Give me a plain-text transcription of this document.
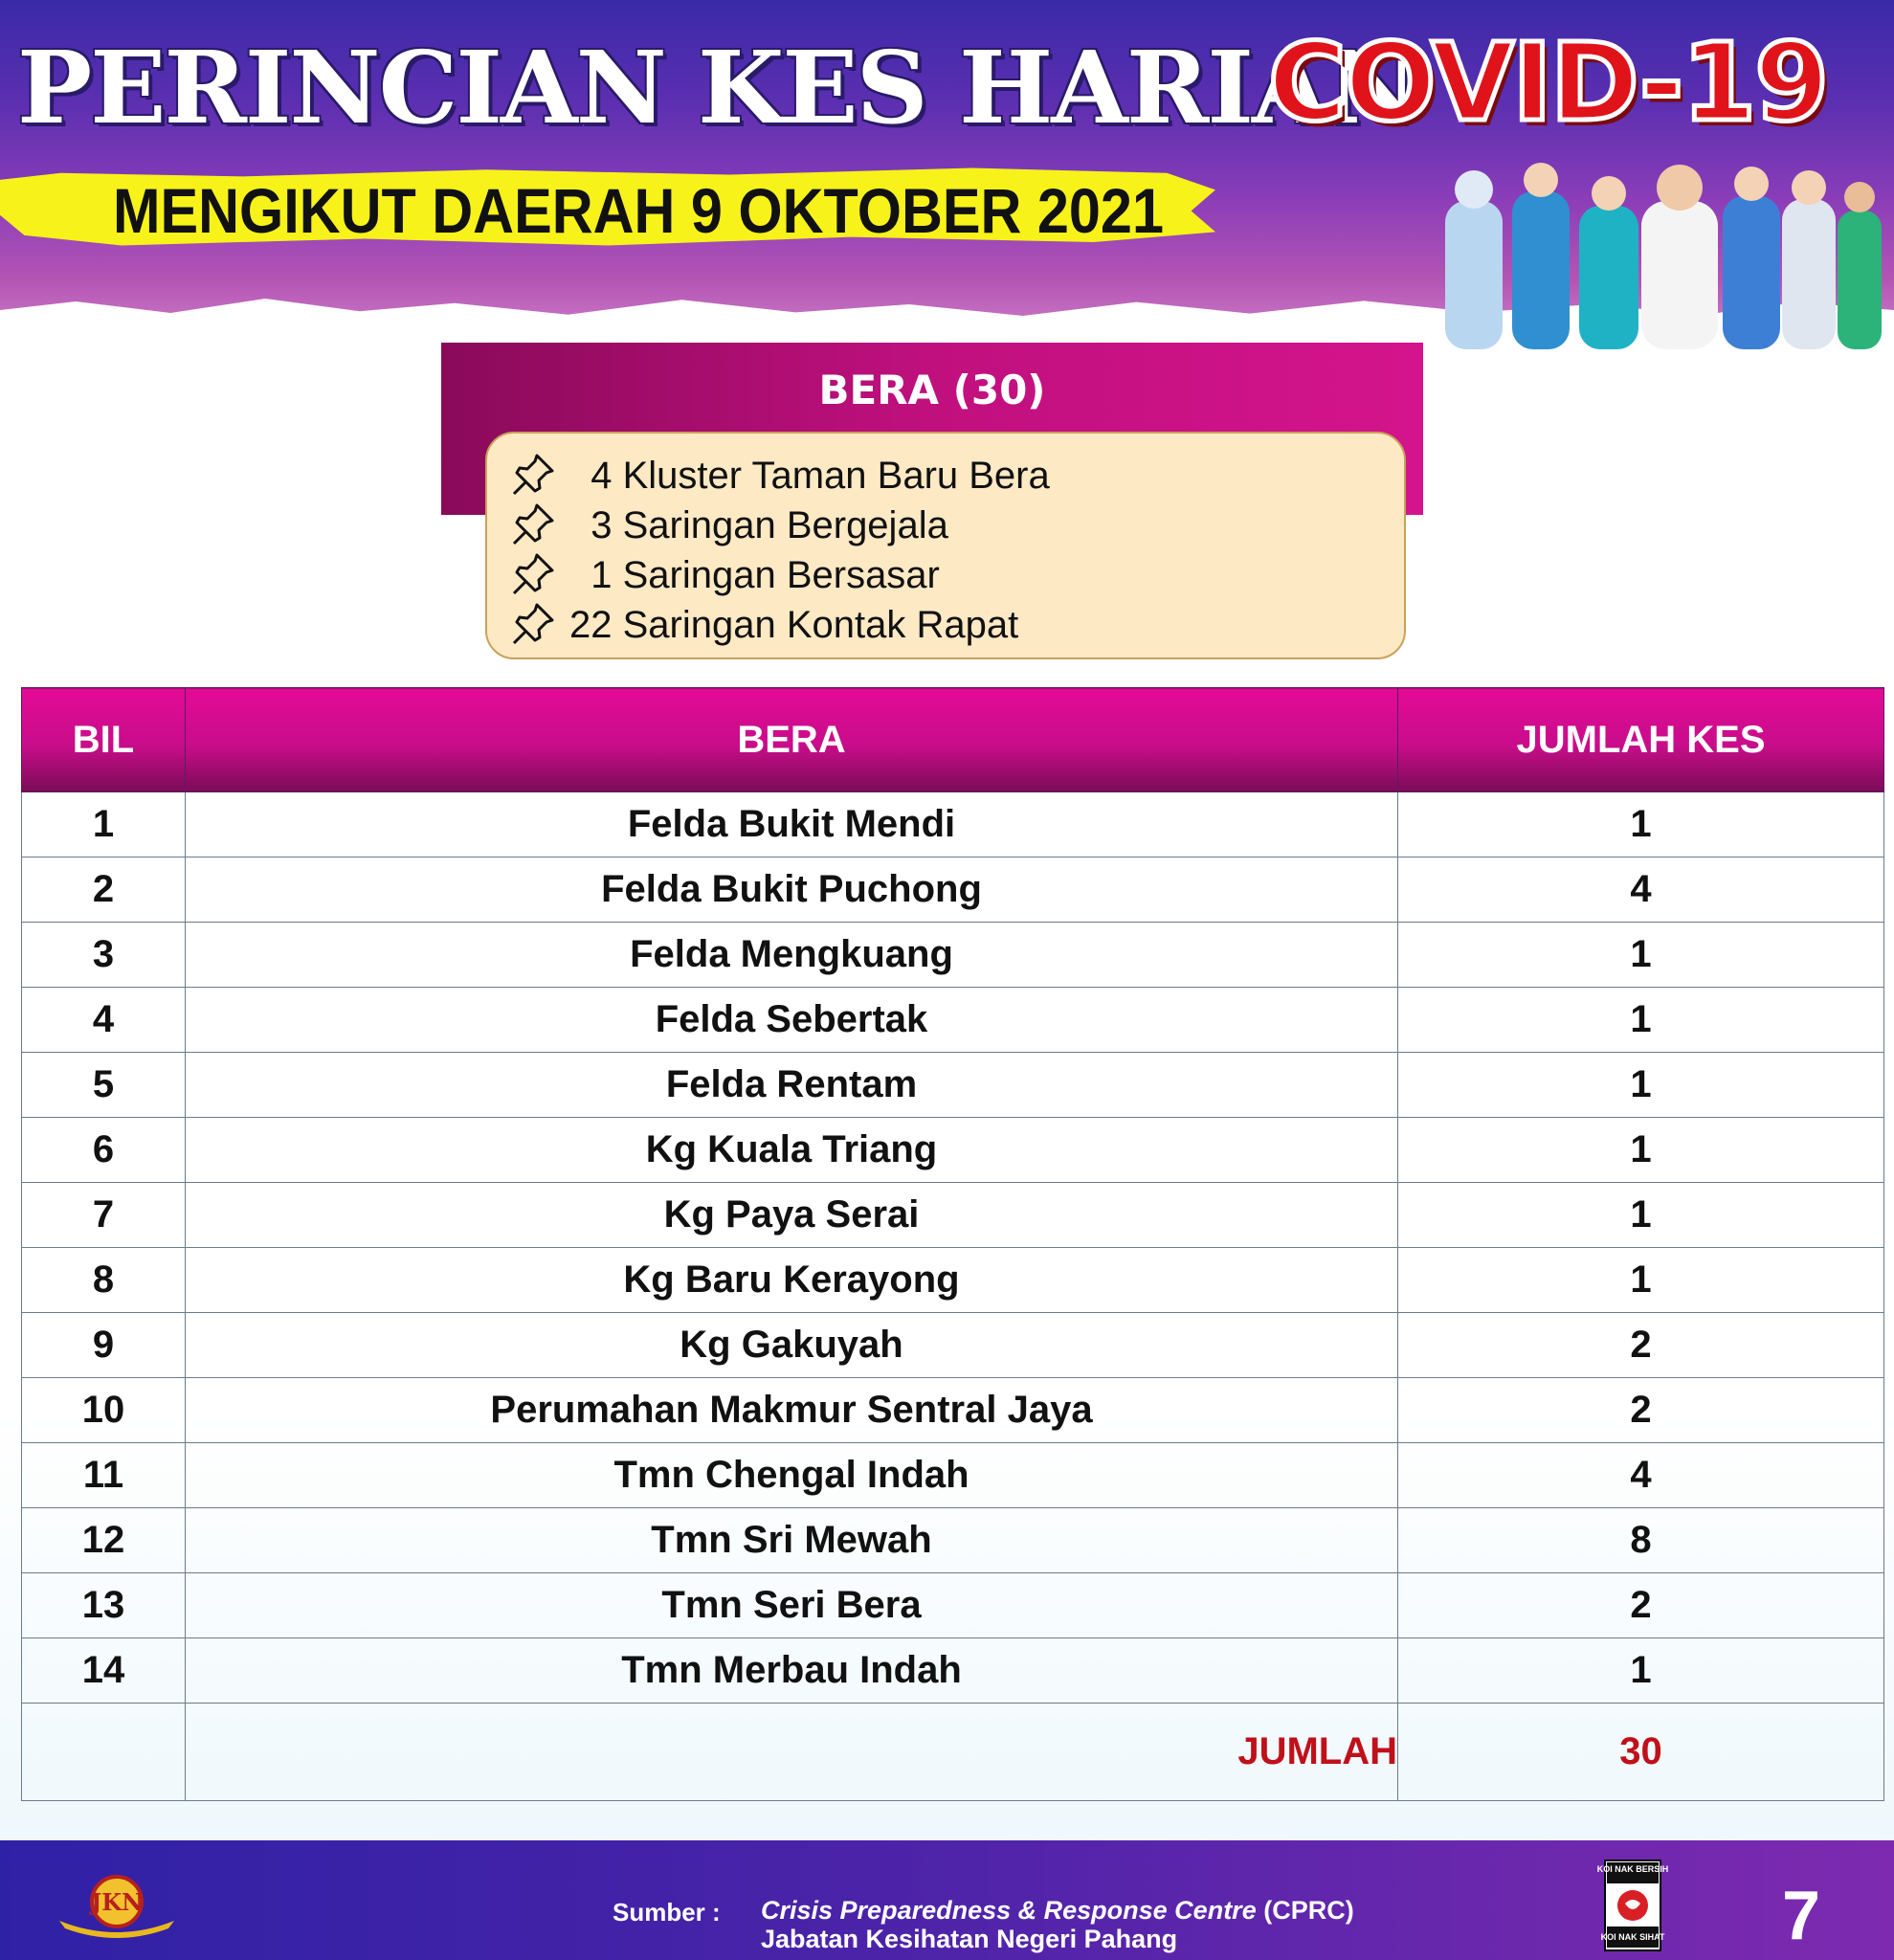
PERINCIAN KES HARIAN
COVID-19
MENGIKUT DAERAH 9 OKTOBER 2021
BERA (30)
4 Kluster Taman Baru Bera
3 Saringan Bergejala
1 Saringan Bersasar
22 Saringan Kontak Rapat
BIL	BERA	JUMLAH KES
1	Felda Bukit Mendi	1
2	Felda Bukit Puchong	4
3	Felda Mengkuang	1
4	Felda Sebertak	1
5	Felda Rentam	1
6	Kg Kuala Triang	1
7	Kg Paya Serai	1
8	Kg Baru Kerayong	1
9	Kg Gakuyah	2
10	Perumahan Makmur Sentral Jaya	2
11	Tmn Chengal Indah	4
12	Tmn Sri Mewah	8
13	Tmn Seri Bera	2
14	Tmn Merbau Indah	1
	JUMLAH	30
JKN	Sumber : Crisis Preparedness & Response Centre (CPRC)
Jabatan Kesihatan Negeri Pahang
KOI NAK BERSIH
KOI NAK SIHAT 7
